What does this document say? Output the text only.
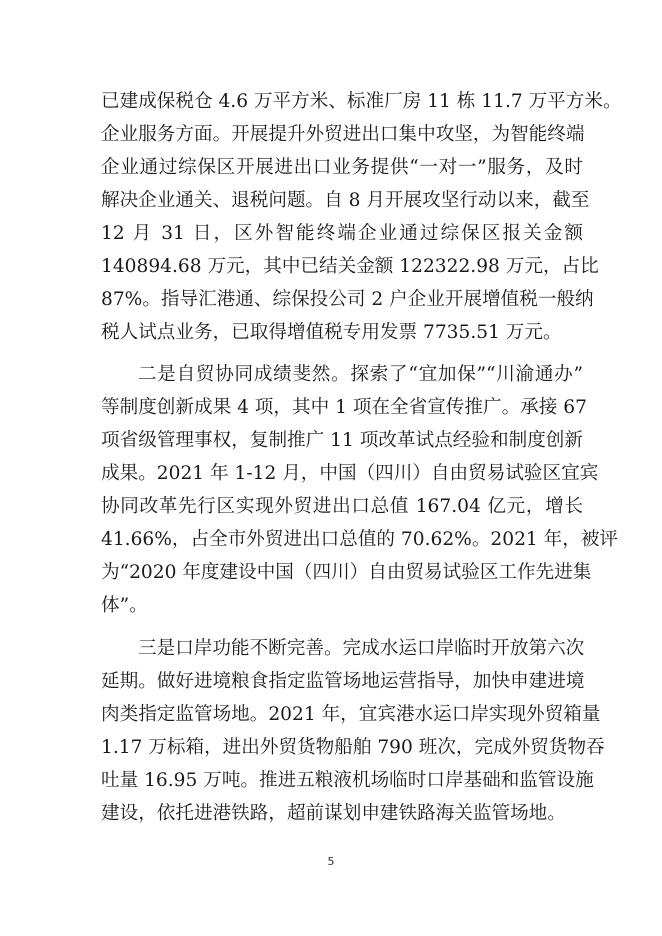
已建成保税仓 4.6 万平方米、标准厂房 11 栋 11.7 万平方米。
企业服务方面。开展提升外贸进出口集中攻坚，为智能终端
企业通过综保区开展进出口业务提供“一对一”服务，及时
解决企业通关、退税问题。自 8 月开展攻坚行动以来，截至
12 月 31 日，区外智能终端企业通过综保区报关金额
140894.68 万元，其中已结关金额 122322.98 万元，占比
87%。指导汇港通、综保投公司 2 户企业开展增值税一般纳
税人试点业务，已取得增值税专用发票 7735.51 万元。
二是自贸协同成绩斐然。探索了“宜加保”“川渝通办”
等制度创新成果 4 项，其中 1 项在全省宣传推广。承接 67
项省级管理事权，复制推广 11 项改革试点经验和制度创新
成果。2021 年 1-12 月，中国（四川）自由贸易试验区宜宾
协同改革先行区实现外贸进出口总值 167.04 亿元，增长
41.66%，占全市外贸进出口总值的 70.62%。2021 年，被评
为“2020 年度建设中国（四川）自由贸易试验区工作先进集
体”。
三是口岸功能不断完善。完成水运口岸临时开放第六次
延期。做好进境粮食指定监管场地运营指导，加快申建进境
肉类指定监管场地。2021 年，宜宾港水运口岸实现外贸箱量
1.17 万标箱，进出外贸货物船舶 790 班次，完成外贸货物吞
吐量 16.95 万吨。推进五粮液机场临时口岸基础和监管设施
建设，依托进港铁路，超前谋划申建铁路海关监管场地。
5
